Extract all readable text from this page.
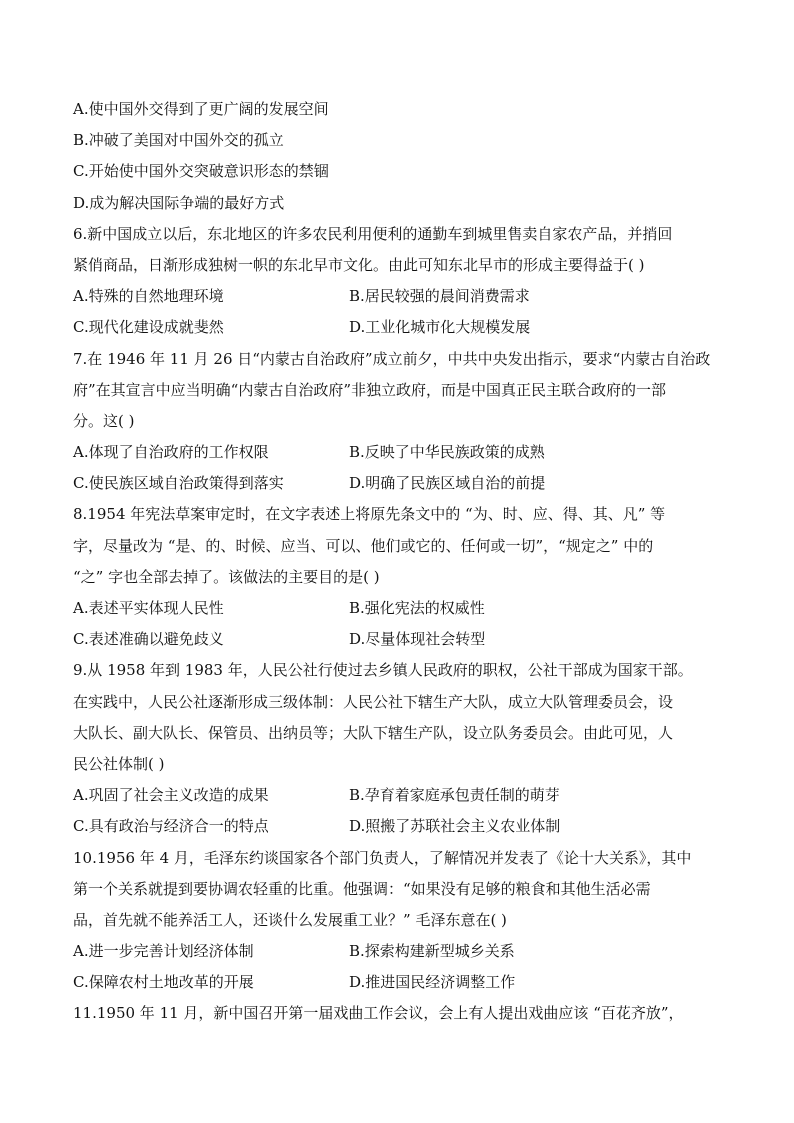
A.使中国外交得到了更广阔的发展空间
B.冲破了美国对中国外交的孤立
C.开始使中国外交突破意识形态的禁锢
D.成为解决国际争端的最好方式
6.新中国成立以后，东北地区的许多农民利用便利的通勤车到城里售卖自家农产品，并捎回
紧俏商品，日渐形成独树一帜的东北早市文化。由此可知东北早市的形成主要得益于( )
A.特殊的自然地理环境	B.居民较强的晨间消费需求
C.现代化建设成就斐然	D.工业化城市化大规模发展
7.在 1946 年 11 月 26 日“内蒙古自治政府”成立前夕，中共中央发出指示，要求“内蒙古自治政
府”在其宣言中应当明确“内蒙古自治政府”非独立政府，而是中国真正民主联合政府的一部
分。这( )
A.体现了自治政府的工作权限	B.反映了中华民族政策的成熟
C.使民族区域自治政策得到落实	D.明确了民族区域自治的前提
8.1954 年宪法草案审定时，在文字表述上将原先条文中的 “为、时、应、得、其、凡” 等
字，尽量改为 “是、的、时候、应当、可以、他们或它的、任何或一切”，“规定之” 中的
“之” 字也全部去掉了。该做法的主要目的是( )
A.表述平实体现人民性	B.强化宪法的权威性
C.表述准确以避免歧义	D.尽量体现社会转型
9.从 1958 年到 1983 年，人民公社行使过去乡镇人民政府的职权，公社干部成为国家干部。
在实践中，人民公社逐渐形成三级体制：人民公社下辖生产大队，成立大队管理委员会，设
大队长、副大队长、保管员、出纳员等；大队下辖生产队，设立队务委员会。由此可见，人
民公社体制( )
A.巩固了社会主义改造的成果	B.孕育着家庭承包责任制的萌芽
C.具有政治与经济合一的特点	D.照搬了苏联社会主义农业体制
10.1956 年 4 月，毛泽东约谈国家各个部门负责人，了解情况并发表了《论十大关系》，其中
第一个关系就提到要协调农轻重的比重。他强调：“如果没有足够的粮食和其他生活必需
品，首先就不能养活工人，还谈什么发展重工业？” 毛泽东意在( )
A.进一步完善计划经济体制	B.探索构建新型城乡关系
C.保障农村土地改革的开展	D.推进国民经济调整工作
11.1950 年 11 月，新中国召开第一届戏曲工作会议，会上有人提出戏曲应该 “百花齐放”，
